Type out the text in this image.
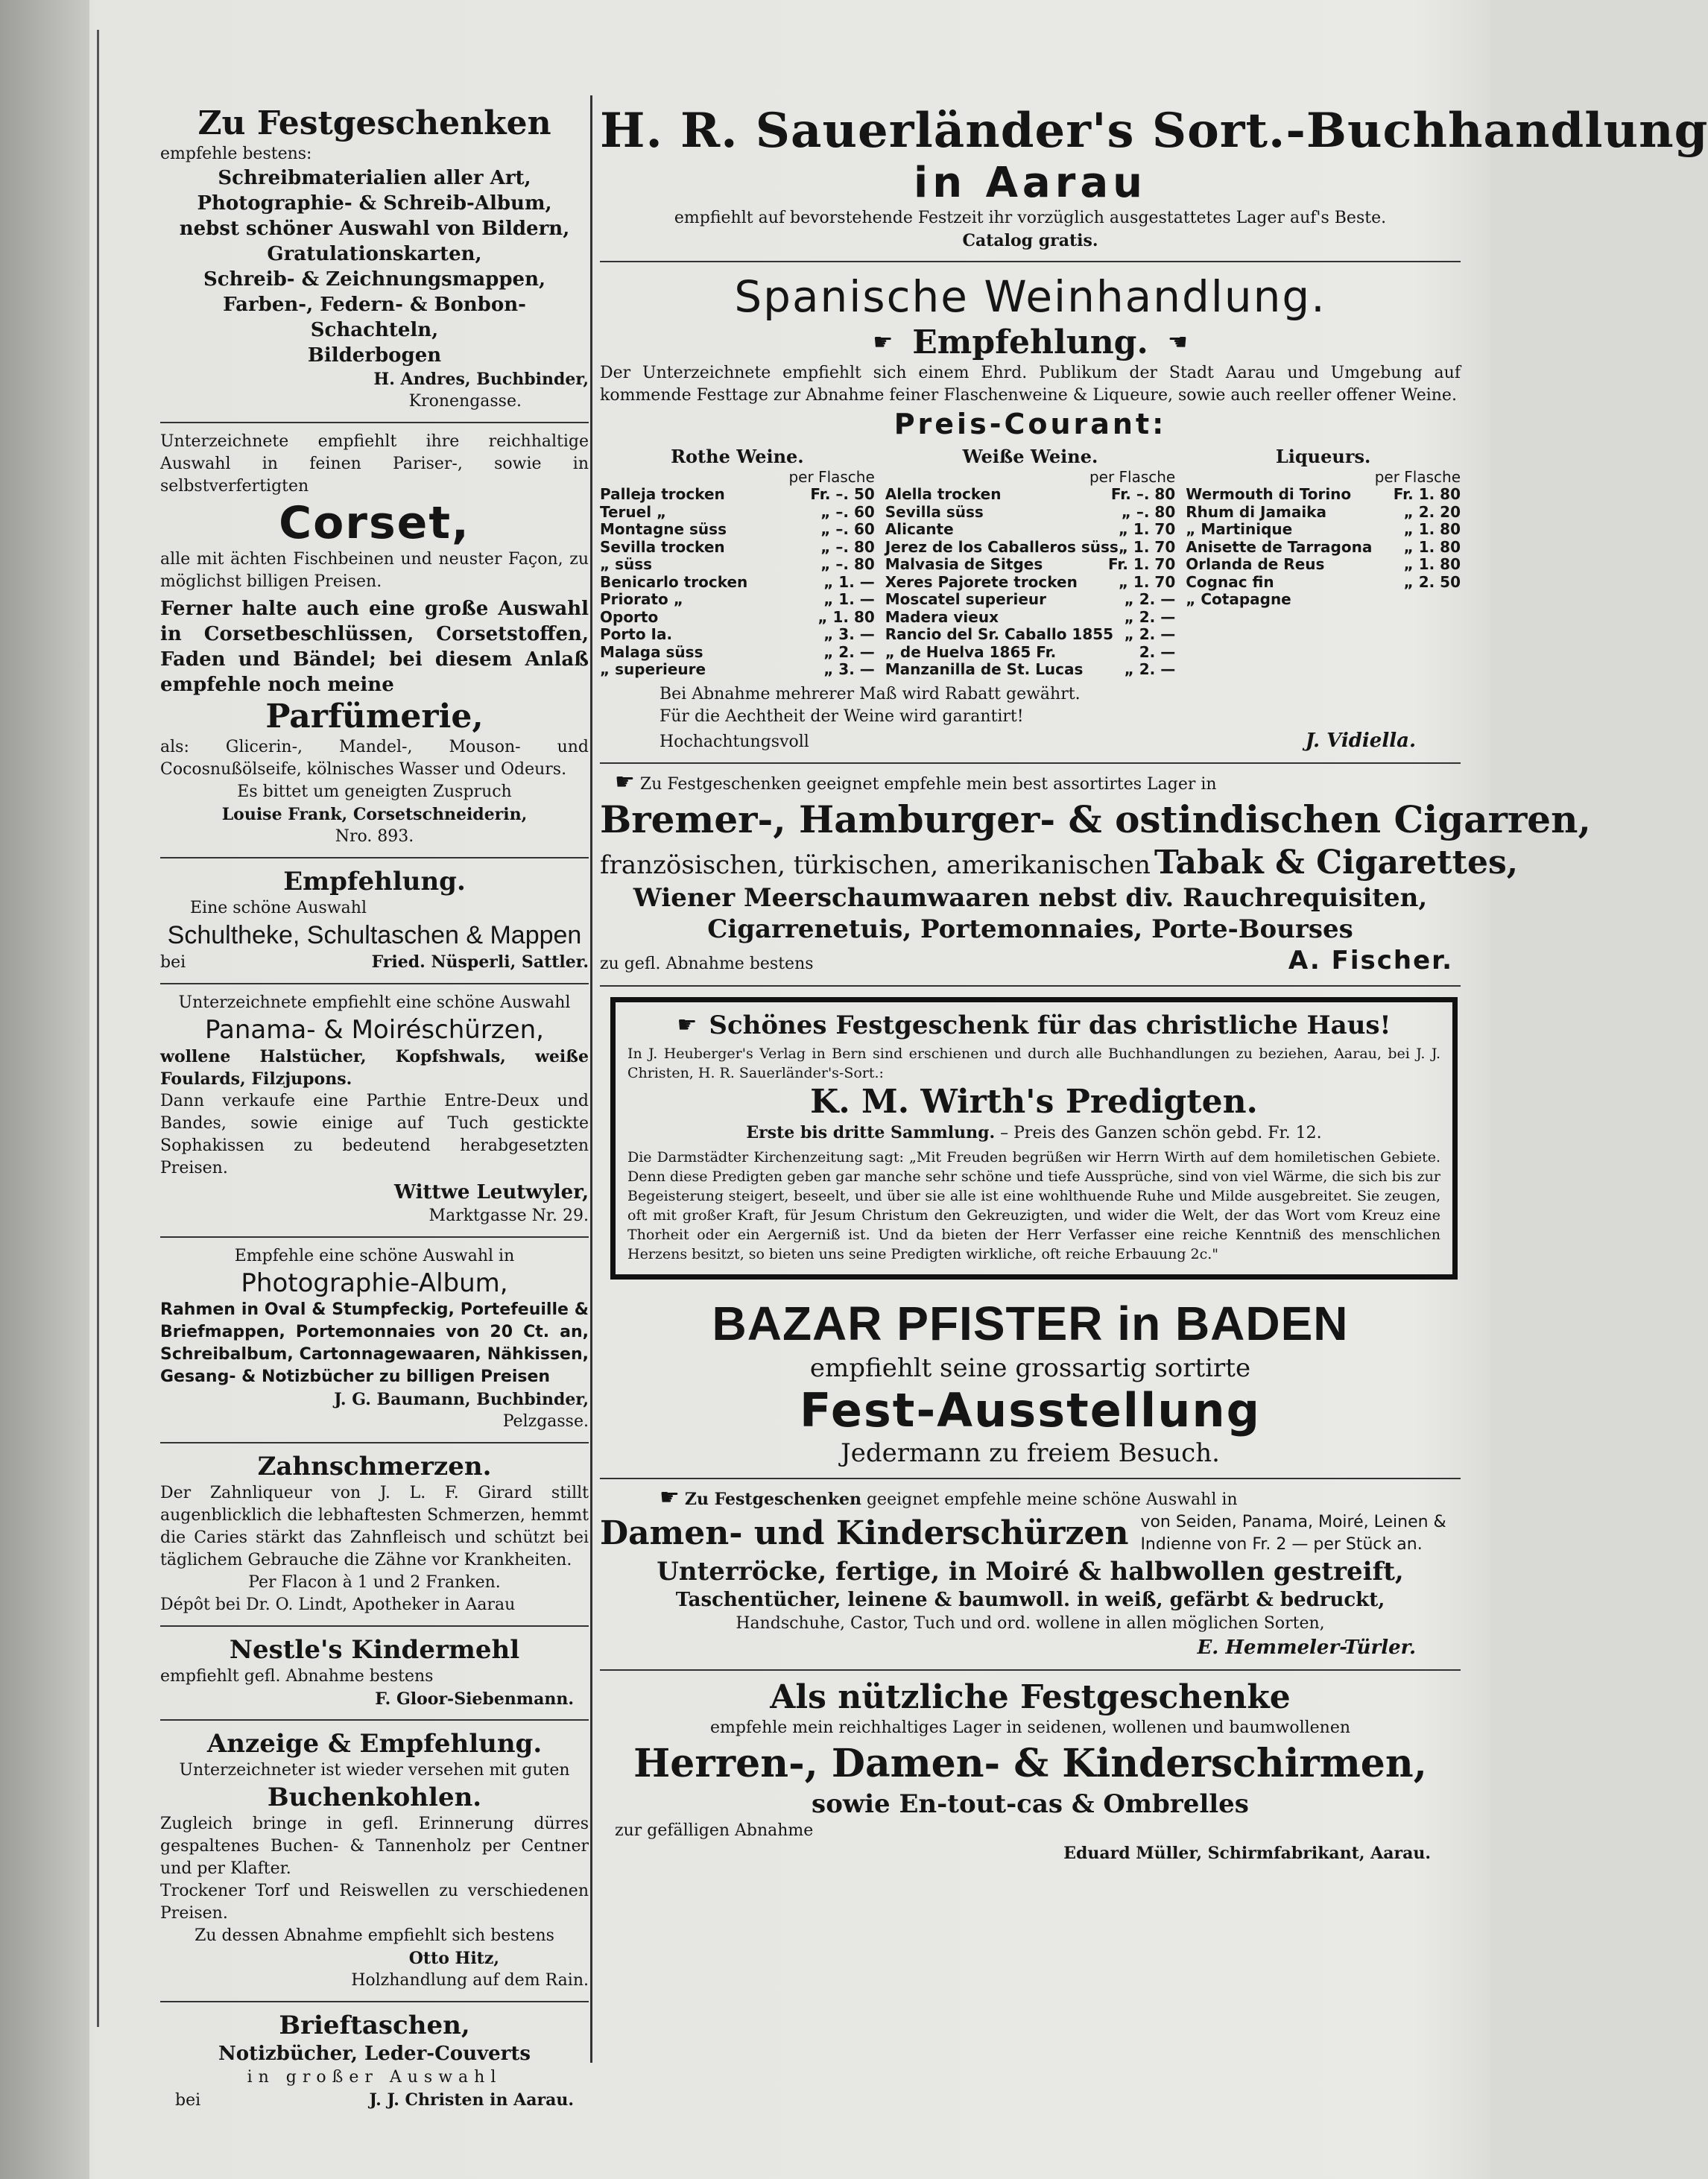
Zu Festgeschenken
empfehle bestens:
Schreibmaterialien aller Art,
Photographie- & Schreib-Album,
nebst schöner Auswahl von Bildern,
Gratulationskarten,
Schreib- & Zeichnungsmappen,
Farben-, Federn- & Bonbon-Schachteln,
Bilderbogen
H. Andres, Buchbinder,
Kronengasse.
Unterzeichnete empfiehlt ihre reichhaltige Auswahl in feinen Pariser-, sowie in selbstverfertigten
Corset,
alle mit ächten Fischbeinen und neuster Façon, zu möglichst billigen Preisen.
Ferner halte auch eine große Auswahl in Corsetbeschlüssen, Corsetstoffen, Faden und Bändel; bei diesem Anlaß empfehle noch meine
Parfümerie,
als: Glicerin-, Mandel-, Mouson- und Cocosnußölseife, kölnisches Wasser und Odeurs.
Es bittet um geneigten Zuspruch
Louise Frank, Corsetschneiderin,
Nro. 893.
Empfehlung.
Eine schöne Auswahl
Schultheke, Schultaschen & Mappen
bei	Fried. Nüsperli, Sattler.
Unterzeichnete empfiehlt eine schöne Auswahl
Panama- & Moiréschürzen,
wollene Halstücher, Kopfshwals, weiße Foulards, Filzjupons.
Dann verkaufe eine Parthie Entre-Deux und Bandes, sowie einige auf Tuch gestickte Sophakissen zu bedeutend herabgesetzten Preisen.
Wittwe Leutwyler,
Marktgasse Nr. 29.
Empfehle eine schöne Auswahl in
Photographie-Album,
Rahmen in Oval & Stumpfeckig, Portefeuille & Briefmappen, Portemonnaies von 20 Ct. an, Schreibalbum, Cartonnagewaaren, Nähkissen, Gesang- & Notizbücher zu billigen Preisen
J. G. Baumann, Buchbinder,
Pelzgasse.
Zahnschmerzen.
Der Zahnliqueur von J. L. F. Girard stillt augenblicklich die lebhaftesten Schmerzen, hemmt die Caries stärkt das Zahnfleisch und schützt bei täglichem Gebrauche die Zähne vor Krankheiten.
Per Flacon à 1 und 2 Franken.
Dépôt bei Dr. O. Lindt, Apotheker in Aarau
Nestle's Kindermehl
empfiehlt gefl. Abnahme bestens
F. Gloor-Siebenmann.
Anzeige & Empfehlung.
Unterzeichneter ist wieder versehen mit guten
Buchenkohlen.
Zugleich bringe in gefl. Erinnerung dürres gespaltenes Buchen- & Tannenholz per Centner und per Klafter.
Trockener Torf und Reiswellen zu verschiedenen Preisen.
Zu dessen Abnahme empfiehlt sich bestens
Otto Hitz,
Holzhandlung auf dem Rain.
Brieftaschen,
Notizbücher, Leder-Couverts
in großer Auswahl
bei	J. J. Christen in Aarau.
H. R. Sauerländer's Sort.-Buchhandlung
in Aarau
empfiehlt auf bevorstehende Festzeit ihr vorzüglich ausgestattetes Lager auf's Beste.
Catalog gratis.
Spanische Weinhandlung.
☛ Empfehlung. ☛
Der Unterzeichnete empfiehlt sich einem Ehrd. Publikum der Stadt Aarau und Umgebung auf kommende Festtage zur Abnahme feiner Flaschenweine & Liqueure, sowie auch reeller offener Weine.
Preis-Courant:
Rothe Weine.
per Flasche
Palleja trocken	Fr. –. 50
Teruel „	„ –. 60
Montagne süss	„ –. 60
Sevilla trocken	„ –. 80
„ süss	„ –. 80
Benicarlo trocken	„ 1. —
Priorato „	„ 1. —
Oporto	„ 1. 80
Porto Ia.	„ 3. —
Malaga süss	„ 2. —
„ superieure	„ 3. —
Weiße Weine.
per Flasche
Alella trocken	Fr. –. 80
Sevilla süss	„ –. 80
Alicante	„ 1. 70
Jerez de los Caballeros süss „ 1. 70
Malvasia de Sitges	Fr. 1. 70
Xeres Pajorete trocken	„ 1. 70
Moscatel superieur	„ 2. —
Madera vieux	„ 2. —
Rancio del Sr. Caballo 1855 „ 2. —
„ de Huelva 1865 Fr.	2. —
Manzanilla de St. Lucas	„ 2. —
Liqueurs.
per Flasche
Wermouth di Torino	Fr. 1. 80
Rhum di Jamaika	„ 2. 20
„ Martinique	„ 1. 80
Anisette de Tarragona „ 1. 80
Orlanda de Reus	„ 1. 80
Cognac fin	„ 2. 50
„ Cotapagne
Bei Abnahme mehrerer Maß wird Rabatt gewährt.
Für die Aechtheit der Weine wird garantirt!
Hochachtungsvoll	J. Vidiella.
☛ Zu Festgeschenken geeignet empfehle mein best assortirtes Lager in
Bremer-, Hamburger- & ostindischen Cigarren,
französischen, türkischen, amerikanischen Tabak & Cigarettes,
Wiener Meerschaumwaaren nebst div. Rauchrequisiten,
Cigarrenetuis, Portemonnaies, Porte-Bourses
zu gefl. Abnahme bestens	A. Fischer.
☛ Schönes Festgeschenk für das christliche Haus!
In J. Heuberger's Verlag in Bern sind erschienen und durch alle Buchhandlungen zu beziehen, Aarau, bei J. J. Christen, H. R. Sauerländer's-Sort.:
K. M. Wirth's Predigten.
Erste bis dritte Sammlung. – Preis des Ganzen schön gebd. Fr. 12.
Die Darmstädter Kirchenzeitung sagt: „Mit Freuden begrüßen wir Herrn Wirth auf dem homiletischen Gebiete. Denn diese Predigten geben gar manche sehr schöne und tiefe Aussprüche, sind von viel Wärme, die sich bis zur Begeisterung steigert, beseelt, und über sie alle ist eine wohlthuende Ruhe und Milde ausgebreitet. Sie zeugen, oft mit großer Kraft, für Jesum Christum den Gekreuzigten, und wider die Welt, der das Wort vom Kreuz eine Thorheit oder ein Aergerniß ist. Und da bieten der Herr Verfasser eine reiche Kenntniß des menschlichen Herzens besitzt, so bieten uns seine Predigten wirkliche, oft reiche Erbauung 2c."
BAZAR PFISTER in BADEN
empfiehlt seine grossartig sortirte
Fest-Ausstellung
Jedermann zu freiem Besuch.
☛ Zu Festgeschenken geeignet empfehle meine schöne Auswahl in
Damen- und Kinderschürzen von Seiden, Panama, Moiré, Leinen & Indienne von Fr. 2 — per Stück an.
Unterröcke, fertige, in Moiré & halbwollen gestreift,
Taschentücher, leinene & baumwoll. in weiß, gefärbt & bedruckt,
Handschuhe, Castor, Tuch und ord. wollene in allen möglichen Sorten,
E. Hemmeler-Türler.
Als nützliche Festgeschenke
empfehle mein reichhaltiges Lager in seidenen, wollenen und baumwollenen
Herren-, Damen- & Kinderschirmen,
sowie En-tout-cas & Ombrelles
zur gefälligen Abnahme
Eduard Müller, Schirmfabrikant, Aarau.
